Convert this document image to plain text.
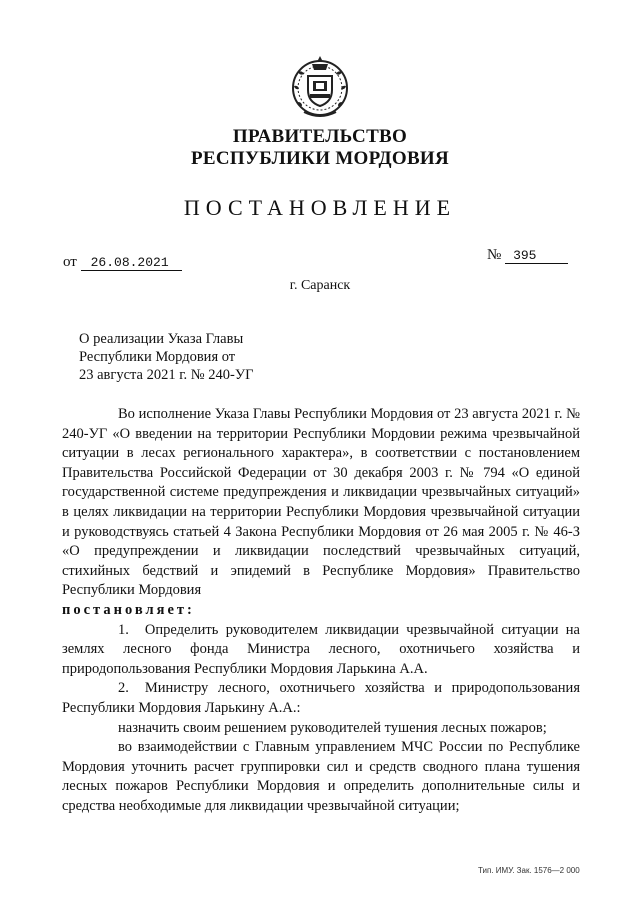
ПРАВИТЕЛЬСТВО
РЕСПУБЛИКИ МОРДОВИЯ
ПОСТАНОВЛЕНИЕ
от 26.08.2021	№ 395
г. Саранск
О реализации Указа Главы
Республики Мордовия от
23 августа 2021 г. № 240-УГ

Во исполнение Указа Главы Республики Мордовия от 23 августа 2021 г. № 240-УГ «О введении на территории Республики Мордовии режима чрезвычайной ситуации в лесах регионального характера», в соответствии с постановлением Правительства Российской Федерации от 30 декабря 2003 г. № 794 «О единой государственной системе предупреждения и ликвидации чрезвычайных ситуаций» в целях ликвидации на территории Республики Мордовия чрезвычайной ситуации и руководствуясь статьей 4 Закона Республики Мордовия от 26 мая 2005 г. № 46-З «О предупреждении и ликвидации последствий чрезвычайных ситуаций, стихийных бедствий и эпидемий в Республике Мордовия» Правительство Республики Мордовия

постановляет:

1. Определить руководителем ликвидации чрезвычайной ситуации на землях лесного фонда Министра лесного, охотничьего хозяйства и природопользования Республики Мордовия Ларькина А.А.

2. Министру лесного, охотничьего хозяйства и природопользования Республики Мордовия Ларькину А.А.:

назначить своим решением руководителей тушения лесных пожаров;

во взаимодействии с Главным управлением МЧС России по Республике Мордовия уточнить расчет группировки сил и средств сводного плана тушения лесных пожаров Республики Мордовия и определить дополнительные силы и средства необходимые для ликвидации чрезвычайной ситуации;

Тип. ИМУ. Зак. 1576—2 000
